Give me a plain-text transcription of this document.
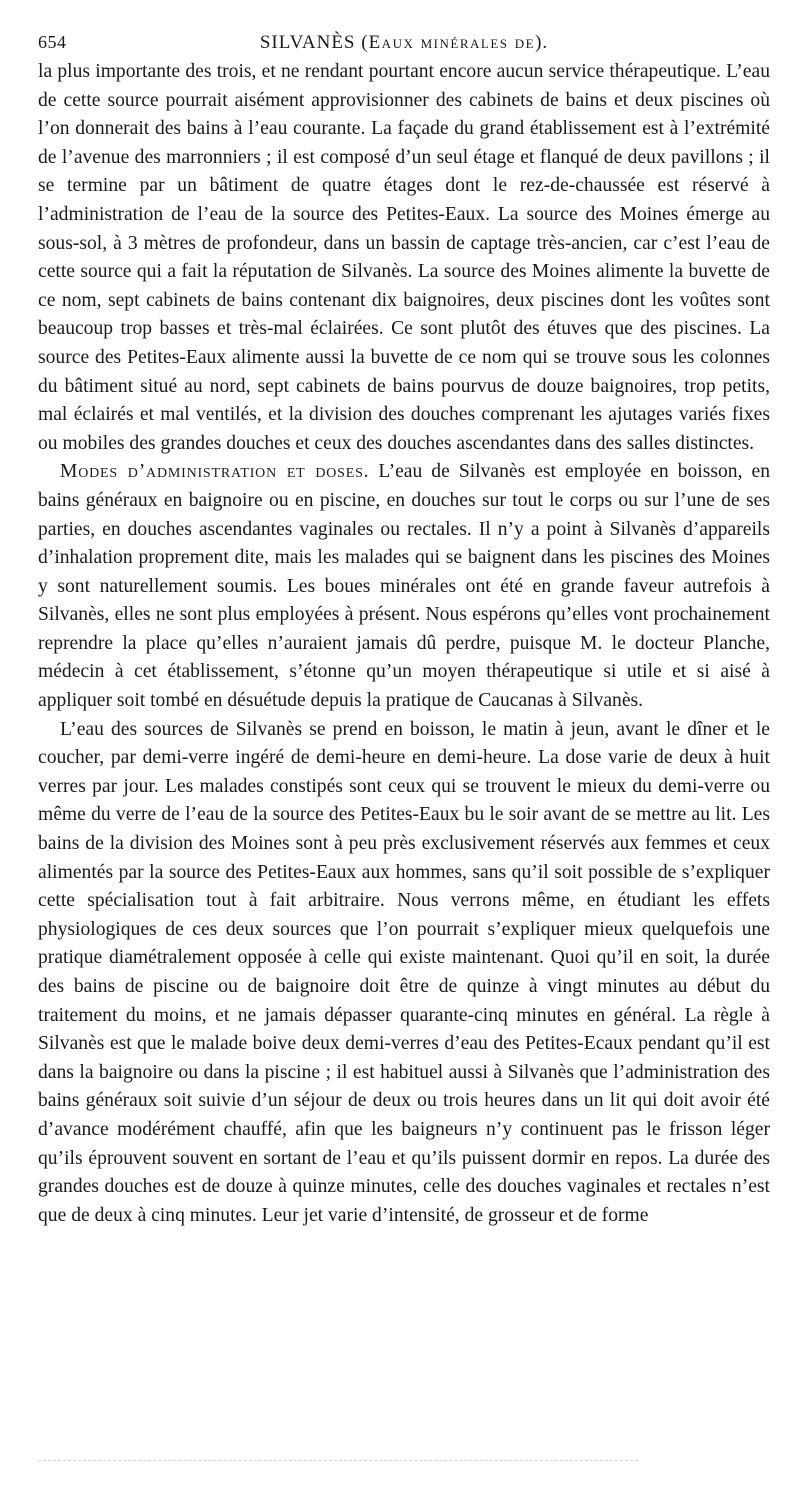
654	SILVANÈS (Eaux minérales de).

la plus importante des trois, et ne rendant pourtant encore aucun service thérapeutique. L’eau de cette source pourrait aisément approvisionner des cabinets de bains et deux piscines où l’on donnerait des bains à l’eau courante. La façade du grand établissement est à l’extrémité de l’avenue des marronniers ; il est composé d’un seul étage et flanqué de deux pavillons ; il se termine par un bâtiment de quatre étages dont le rez-de-chaussée est réservé à l’administration de l’eau de la source des Petites-Eaux. La source des Moines émerge au sous-sol, à 3 mètres de profondeur, dans un bassin de captage très-ancien, car c’est l’eau de cette source qui a fait la réputation de Silvanès. La source des Moines alimente la buvette de ce nom, sept cabinets de bains contenant dix baignoires, deux piscines dont les voûtes sont beaucoup trop basses et très-mal éclairées. Ce sont plutôt des étuves que des piscines. La source des Petites-Eaux alimente aussi la buvette de ce nom qui se trouve sous les colonnes du bâtiment situé au nord, sept cabinets de bains pourvus de douze baignoires, trop petits, mal éclairés et mal ventilés, et la division des douches comprenant les ajutages variés fixes ou mobiles des grandes douches et ceux des douches ascendantes dans des salles distinctes.

Modes d’administration et doses. L’eau de Silvanès est employée en boisson, en bains généraux en baignoire ou en piscine, en douches sur tout le corps ou sur l’une de ses parties, en douches ascendantes vaginales ou rectales. Il n’y a point à Silvanès d’appareils d’inhalation proprement dite, mais les malades qui se baignent dans les piscines des Moines y sont naturellement soumis. Les boues minérales ont été en grande faveur autrefois à Silvanès, elles ne sont plus employées à présent. Nous espérons qu’elles vont prochainement reprendre la place qu’elles n’auraient jamais dû perdre, puisque M. le docteur Planche, médecin à cet établissement, s’étonne qu’un moyen thérapeutique si utile et si aisé à appliquer soit tombé en désuétude depuis la pratique de Caucanas à Silvanès.

L’eau des sources de Silvanès se prend en boisson, le matin à jeun, avant le dîner et le coucher, par demi-verre ingéré de demi-heure en demi-heure. La dose varie de deux à huit verres par jour. Les malades constipés sont ceux qui se trouvent le mieux du demi-verre ou même du verre de l’eau de la source des Petites-Eaux bu le soir avant de se mettre au lit. Les bains de la division des Moines sont à peu près exclusivement réservés aux femmes et ceux alimentés par la source des Petites-Eaux aux hommes, sans qu’il soit possible de s’expliquer cette spécialisation tout à fait arbitraire. Nous verrons même, en étudiant les effets physiologiques de ces deux sources que l’on pourrait s’expliquer mieux quelquefois une pratique diamétralement opposée à celle qui existe maintenant. Quoi qu’il en soit, la durée des bains de piscine ou de baignoire doit être de quinze à vingt minutes au début du traitement du moins, et ne jamais dépasser quarante-cinq minutes en général. La règle à Silvanès est que le malade boive deux demi-verres d’eau des Petites-Ecaux pendant qu’il est dans la baignoire ou dans la piscine ; il est habituel aussi à Silvanès que l’administration des bains généraux soit suivie d’un séjour de deux ou trois heures dans un lit qui doit avoir été d’avance modérément chauffé, afin que les baigneurs n’y continuent pas le frisson léger qu’ils éprouvent souvent en sortant de l’eau et qu’ils puissent dormir en repos. La durée des grandes douches est de douze à quinze minutes, celle des douches vaginales et rectales n’est que de deux à cinq minutes. Leur jet varie d’intensité, de grosseur et de forme
